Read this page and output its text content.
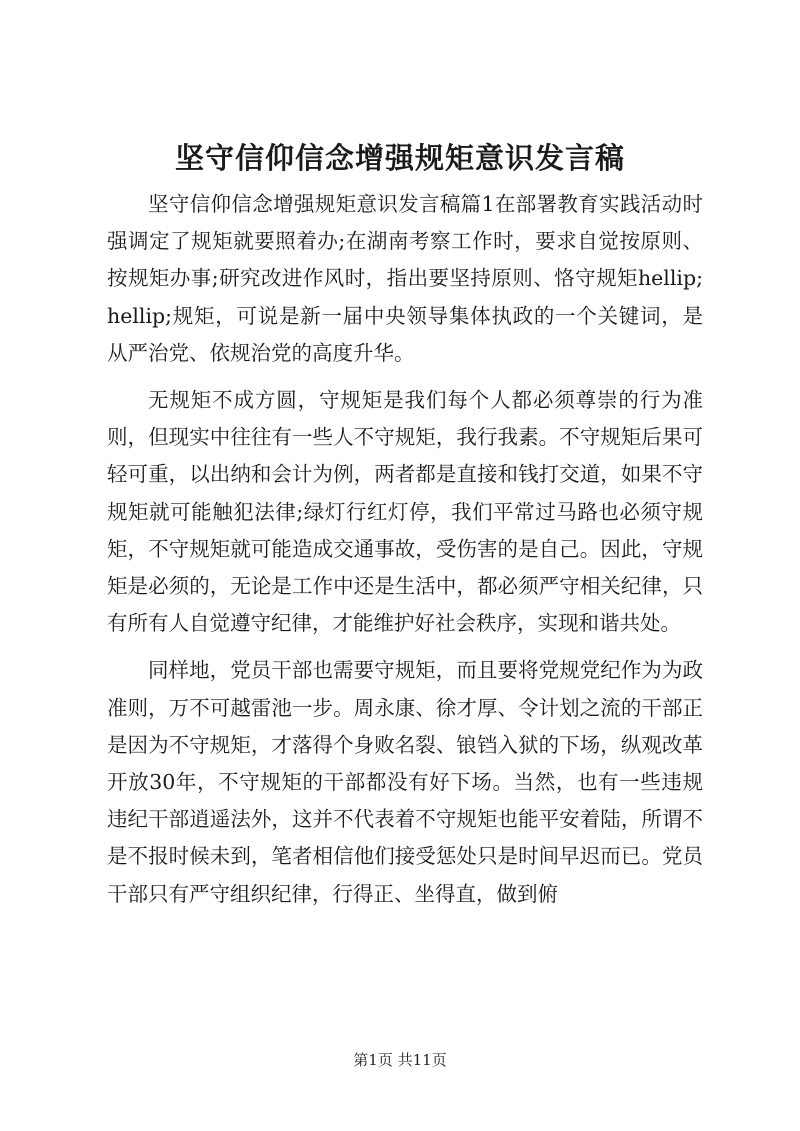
坚守信仰信念增强规矩意识发言稿

坚守信仰信念增强规矩意识发言稿篇1在部署教育实践活动时强调定了规矩就要照着办;在湖南考察工作时，要求自觉按原则、按规矩办事;研究改进作风时，指出要坚持原则、恪守规矩hellip;hellip;规矩，可说是新一届中央领导集体执政的一个关键词，是从严治党、依规治党的高度升华。

无规矩不成方圆，守规矩是我们每个人都必须尊崇的行为准则，但现实中往往有一些人不守规矩，我行我素。不守规矩后果可轻可重，以出纳和会计为例，两者都是直接和钱打交道，如果不守规矩就可能触犯法律;绿灯行红灯停，我们平常过马路也必须守规矩，不守规矩就可能造成交通事故，受伤害的是自己。因此，守规矩是必须的，无论是工作中还是生活中，都必须严守相关纪律，只有所有人自觉遵守纪律，才能维护好社会秩序，实现和谐共处。

同样地，党员干部也需要守规矩，而且要将党规党纪作为为政准则，万不可越雷池一步。周永康、徐才厚、令计划之流的干部正是因为不守规矩，才落得个身败名裂、锒铛入狱的下场，纵观改革开放30年，不守规矩的干部都没有好下场。当然，也有一些违规违纪干部逍遥法外，这并不代表着不守规矩也能平安着陆，所谓不是不报时候未到，笔者相信他们接受惩处只是时间早迟而已。党员干部只有严守组织纪律，行得正、坐得直，做到俯

第1页 共11页
